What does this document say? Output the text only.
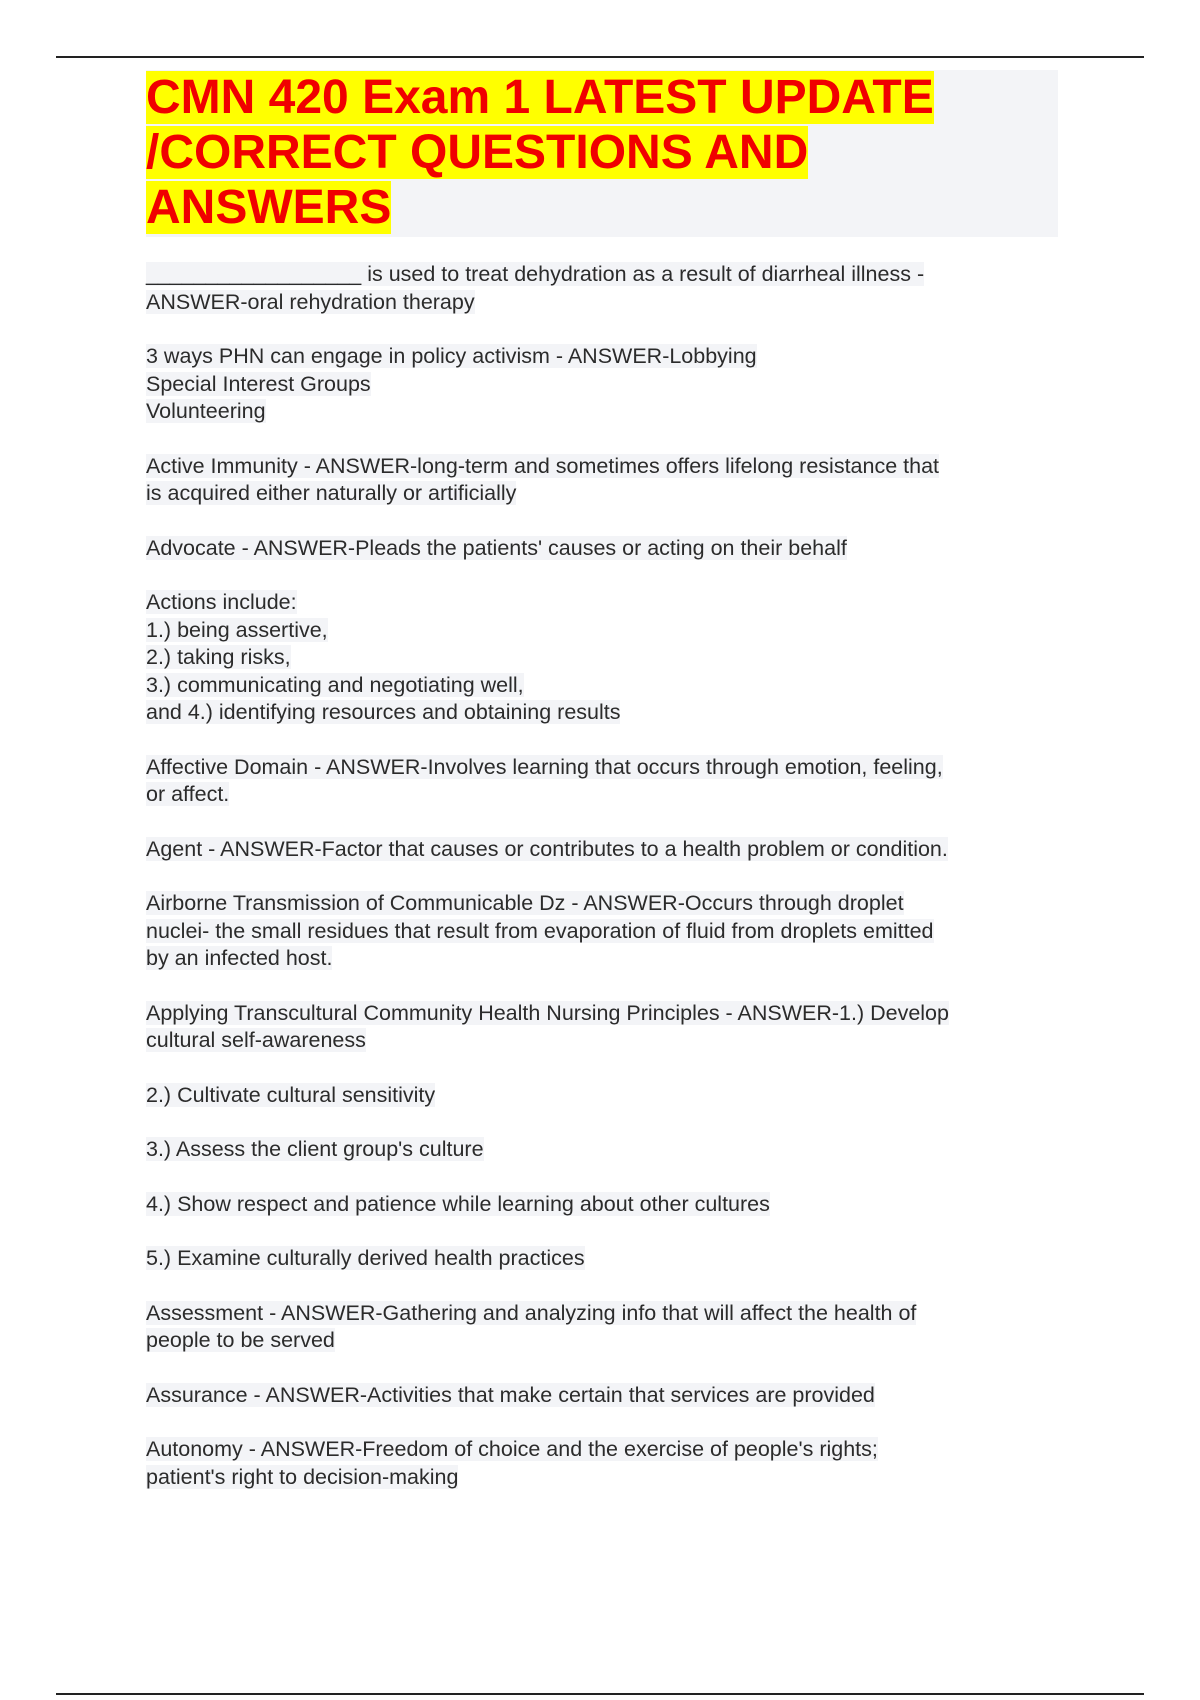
CMN 420 Exam 1 LATEST UPDATE
/CORRECT QUESTIONS AND
ANSWERS
__________________ is used to treat dehydration as a result of diarrheal illness -
ANSWER-oral rehydration therapy
3 ways PHN can engage in policy activism - ANSWER-Lobbying
Special Interest Groups
Volunteering
Active Immunity - ANSWER-long-term and sometimes offers lifelong resistance that
is acquired either naturally or artificially
Advocate - ANSWER-Pleads the patients' causes or acting on their behalf
Actions include:
1.) being assertive,
2.) taking risks,
3.) communicating and negotiating well,
and 4.) identifying resources and obtaining results
Affective Domain - ANSWER-Involves learning that occurs through emotion, feeling,
or affect.
Agent - ANSWER-Factor that causes or contributes to a health problem or condition.
Airborne Transmission of Communicable Dz - ANSWER-Occurs through droplet
nuclei- the small residues that result from evaporation of fluid from droplets emitted
by an infected host.
Applying Transcultural Community Health Nursing Principles - ANSWER-1.) Develop
cultural self-awareness
2.) Cultivate cultural sensitivity
3.) Assess the client group's culture
4.) Show respect and patience while learning about other cultures
5.) Examine culturally derived health practices
Assessment - ANSWER-Gathering and analyzing info that will affect the health of
people to be served
Assurance - ANSWER-Activities that make certain that services are provided
Autonomy - ANSWER-Freedom of choice and the exercise of people's rights;
patient's right to decision-making
